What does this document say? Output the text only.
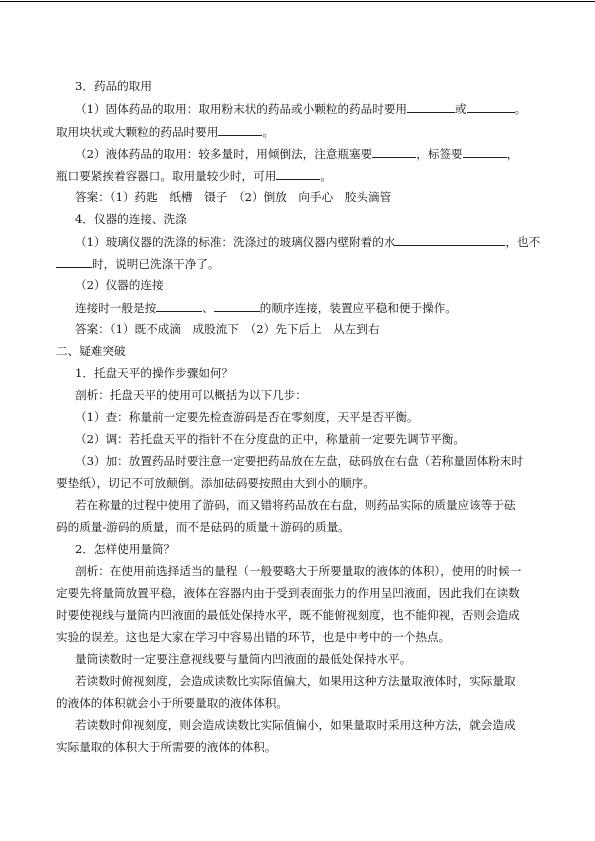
3．药品的取用
（1）固体药品的取用：取用粉末状的药品或小颗粒的药品时要用	或	。
取用块状或大颗粒的药品时要用	。
（2）液体药品的取用：较多量时，用倾倒法，注意瓶塞要	，标签要	，
瓶口要紧挨着容器口。取用量较少时，可用	。
答案：（1）药匙　纸槽　镊子　（2）倒放　向手心　胶头滴管
4．仪器的连接、洗涤
（1）玻璃仪器的洗涤的标准：洗涤过的玻璃仪器内壁附着的水	，也不
时，说明已洗涤干净了。
（2）仪器的连接
连接时一般是按	、	的顺序连接，装置应平稳和便于操作。
答案：（1）既不成滴　成股流下　（2）先下后上　从左到右
二、疑难突破
1．托盘天平的操作步骤如何？
剖析：托盘天平的使用可以概括为以下几步：
（1）查：称量前一定要先检查游码是否在零刻度，天平是否平衡。
（2）调：若托盘天平的指针不在分度盘的正中，称量前一定要先调节平衡。
（3）加：放置药品时要注意一定要把药品放在左盘，砝码放在右盘（若称量固体粉末时
要垫纸），切记不可放颠倒。添加砝码要按照由大到小的顺序。
若在称量的过程中使用了游码，而又错将药品放在右盘，则药品实际的质量应该等于砝
码的质量-游码的质量，而不是砝码的质量＋游码的质量。
2．怎样使用量筒？
剖析：在使用前选择适当的量程（一般要略大于所要量取的液体的体积），使用的时候一
定要先将量筒放置平稳，液体在容器内由于受到表面张力的作用呈凹液面，因此我们在读数
时要使视线与量筒内凹液面的最低处保持水平，既不能俯视刻度，也不能仰视，否则会造成
实验的误差。这也是大家在学习中容易出错的环节，也是中考中的一个热点。
量筒读数时一定要注意视线要与量筒内凹液面的最低处保持水平。
若读数时俯视刻度，会造成读数比实际值偏大，如果用这种方法量取液体时，实际量取
的液体的体积就会小于所要量取的液体体积。
若读数时仰视刻度，则会造成读数比实际值偏小，如果量取时采用这种方法，就会造成
实际量取的体积大于所需要的液体的体积。
